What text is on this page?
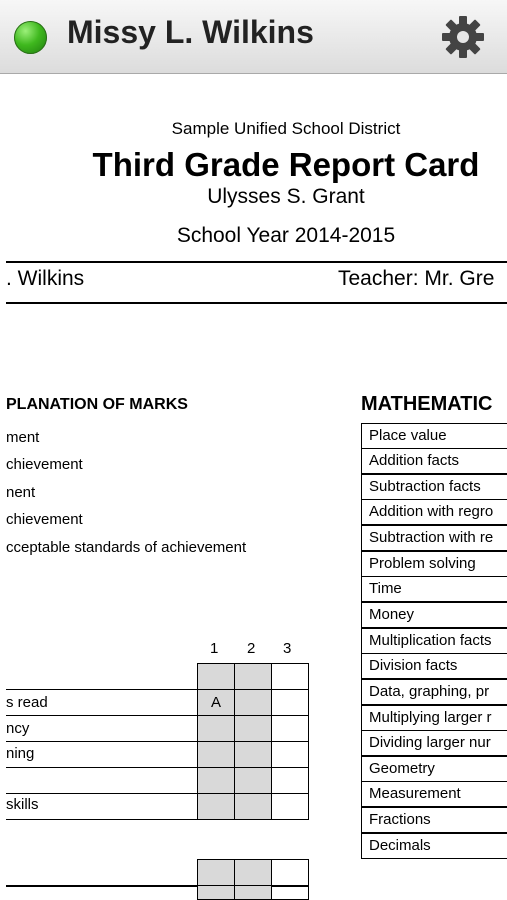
Missy L. Wilkins
Sample Unified School District
Third Grade Report Card
Ulysses S. Grant
School Year 2014-2015
. Wilkins	Teacher: Mr. Gre
PLANATION OF MARKS
ment
chievement
nent
chievement
cceptable standards of achievement
1 2 3
s read	A
ncy
ning
skills
MATHEMATIC
Place value
Addition facts
Subtraction facts
Addition with regro
Subtraction with re
Problem solving
Time
Money
Multiplication facts
Division facts
Data, graphing, pr
Multiplying larger r
Dividing larger nur
Geometry
Measurement
Fractions
Decimals
